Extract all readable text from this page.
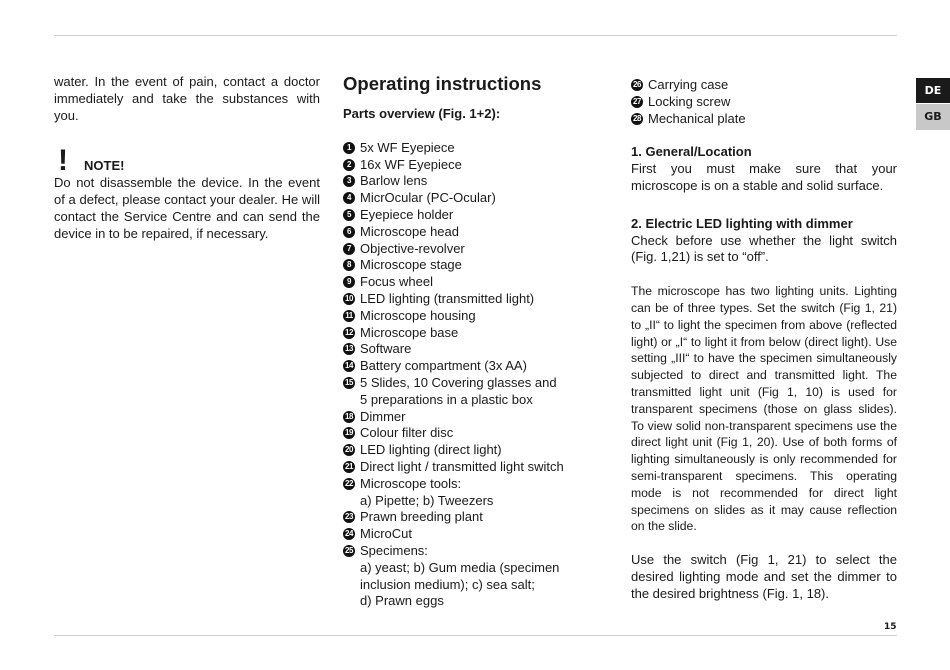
water. In the event of pain, contact a doctor immediately and take the substances with you.

!	NOTE!

Do not disassemble the device. In the event of a defect, please contact your dealer. He will contact the Service Centre and can send the device in to be repaired, if necessary.

Operating instructions
Parts overview (Fig. 1+2):
1 5x WF Eyepiece
2 16x WF Eyepiece
3 Barlow lens
4 MicrOcular (PC-Ocular)
5 Eyepiece holder
6 Microscope head
7 Objective-revolver
8 Microscope stage
9 Focus wheel
10 LED lighting (transmitted light)
11 Microscope housing
12 Microscope base
13 Software
14 Battery compartment (3x AA)
15 5 Slides, 10 Covering glasses and
5 preparations in a plastic box
18 Dimmer
19 Colour filter disc
20 LED lighting (direct light)
21 Direct light / transmitted light switch
22 Microscope tools:
a) Pipette; b) Tweezers
23 Prawn breeding plant
24 MicroCut
25 Specimens:
a) yeast; b) Gum media (specimen
inclusion medium); c) sea salt;
d) Prawn eggs
26 Carrying case
27 Locking screw
28 Mechanical plate
1. General/Location

First you must make sure that your microscope is on a stable and solid surface.

2. Electric LED lighting with dimmer

Check before use whether the light switch (Fig. 1,21) is set to “off”.

The microscope has two lighting units. Lighting can be of three types. Set the switch (Fig 1, 21) to „II“ to light the specimen from above (reflected light) or „I“ to light it from below (direct light). Use setting „III“ to have the specimen simultaneously subjected to direct and transmitted light. The transmitted light unit (Fig 1, 10) is used for transparent specimens (those on glass slides). To view solid non-transparent specimens use the direct light unit (Fig 1, 20). Use of both forms of lighting simultaneously is only recommended for semi-transparent specimens. This operating mode is not recommended for direct light specimens on slides as it may cause reflection on the slide.

Use the switch (Fig 1, 21) to select the desired lighting mode and set the dimmer to the desired brightness (Fig. 1, 18).

DE
GB
15
